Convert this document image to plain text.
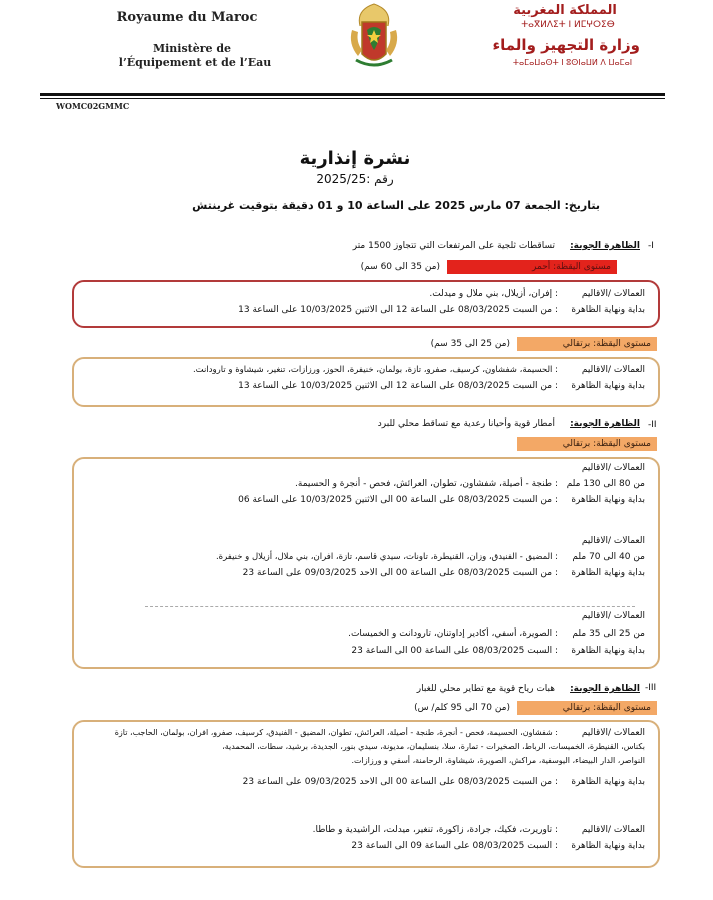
Royaume du Maroc
Ministère de
l’Équipement et de l’Eau
المملكة المغربية
ⵜⴰⴳⵍⴷⵉⵜ ⵏ ⵍⵎⵖⵔⵉⴱ
وزارة التجهيز والماء
ⵜⴰⵎⴰⵡⴰⵙⵜ ⵏ ⵓⵙⵏⴰⵡⵍ ⴷ ⵡⴰⵎⴰⵏ
WOMC02GMMC
نشرة إنذارية
رقم :2025/25
بتاريخ: الجمعة 07 مارس 2025 على الساعة 10 و 01 دقيقة بتوقيت غرينتش
-I
الظاهرة الجوية:
تساقطات ثلجية على المرتفعات التي تتجاوز 1500 متر
مستوى اليقظة: أحمر
(من 35 الى 60 سم)
العمالات /الاقاليم
: إفران، أزيلال، بني ملال و ميدلت.
بداية ونهاية الظاهرة
: من السبت 08/03/2025 على الساعة 12 الى الاثنين 10/03/2025 على الساعة 13
مستوى اليقظة: برتقالي
(من 25 الى 35 سم)
العمالات /الاقاليم
: الحسيمة، شفشاون، كرسيف، صفرو، تازة، بولمان، خنيفرة، الحوز، ورزازات، تنغير، شيشاوة و تارودانت.
بداية ونهاية الظاهرة
: من السبت 08/03/2025 على الساعة 12 الى الاثنين 10/03/2025 على الساعة 13
-II
الظاهرة الجوية:
أمطار قوية وأحيانا رعدية مع تساقط محلي للبرد
مستوى اليقظة: برتقالي
العمالات /الاقاليم
من 80 الى 130 ملم
: طنجة - أصيلة، شفشاون، تطوان، العرائش، فحص - أنجرة و الحسيمة.
بداية ونهاية الظاهرة
: من السبت 08/03/2025 على الساعة 00 الى الاثنين 10/03/2025 على الساعة 06
العمالات /الاقاليم
من 40 الى 70 ملم
: المضيق - الفنيدق، وزان، القنيطرة، تاونات، سيدي قاسم، تازة، افران، بني ملال، أزيلال و خنيفرة.
بداية ونهاية الظاهرة
: من السبت 08/03/2025 على الساعة 00 الى الاحد 09/03/2025 على الساعة 23
العمالات /الاقاليم
من 25 الى 35 ملم
: الصويرة، أسفي، أكادير إداوتنان، تارودانت و الخميسات.
بداية ونهاية الظاهرة
: السبت 08/03/2025 على الساعة 00 الى الساعة 23
-III
الظاهرة الجوية:
هبات رياح قوية مع تطاير محلي للغبار
مستوى اليقظة: برتقالي
(من 70 الى 95 كلم/ س)
العمالات /الاقاليم
: شفشاون، الحسيمة، فحص - أنجرة، طنجة - أصيلة، العرائش، تطوان، المضيق - الفنيدق، كرسيف، صفرو، افران، بولمان، الحاجب، تازة
بكناس، القنيطرة، الخميسات، الرباط، الصخيرات - تمارة، سلا، بنسليمان، مديونة، سيدي بنور، الجديدة، برشيد، سطات، المحمدية،
النواصر، الدار البيضاء، اليوسفية، مراكش، الصويرة، شيشاوة، الرحامنة، أسفي و ورزازات.
بداية ونهاية الظاهرة
: من السبت 08/03/2025 على الساعة 00 الى الاحد 09/03/2025 على الساعة 23
العمالات /الاقاليم
: تاوريرت، فكيك، جرادة، زاكورة، تنغير، ميدلت، الراشيدية و طاطا.
بداية ونهاية الظاهرة
: السبت 08/03/2025 على الساعة 09 الى الساعة 23
